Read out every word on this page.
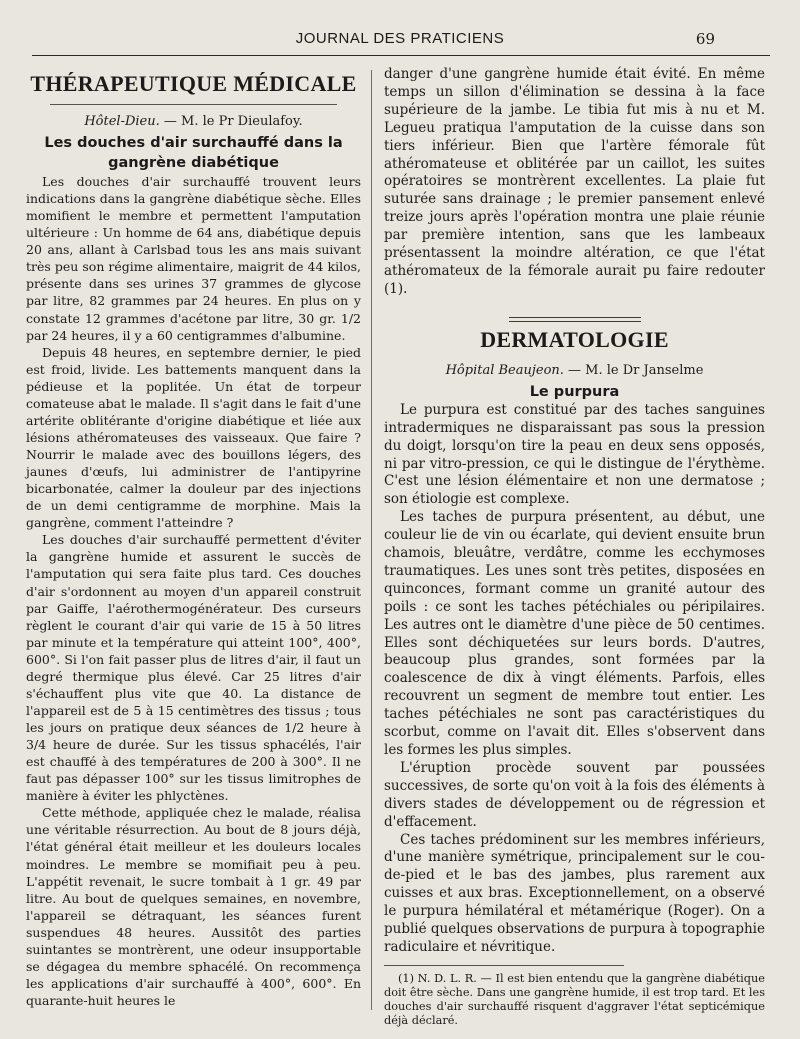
JOURNAL DES PRATICIENS	69
THÉRAPEUTIQUE MÉDICALE
Hôtel-Dieu. — M. le Pr Dieulafoy.
Les douches d'air surchauffé dans la gangrène diabétique

Les douches d'air surchauffé trouvent leurs indications dans la gangrène diabétique sèche. Elles momifient le membre et permettent l'amputation ultérieure : Un homme de 64 ans, diabétique depuis 20 ans, allant à Carlsbad tous les ans mais suivant très peu son régime alimentaire, maigrit de 44 kilos, présente dans ses urines 37 grammes de glycose par litre, 82 grammes par 24 heures. En plus on y constate 12 grammes d'acétone par litre, 30 gr. 1/2 par 24 heures, il y a 60 centigrammes d'albumine.

Depuis 48 heures, en septembre dernier, le pied est froid, livide. Les battements manquent dans la pédieuse et la poplitée. Un état de torpeur comateuse abat le malade. Il s'agit dans le fait d'une artérite oblitérante d'origine diabétique et liée aux lésions athéromateuses des vaisseaux. Que faire ? Nourrir le malade avec des bouillons légers, des jaunes d'œufs, lui administrer de l'antipyrine bicarbonatée, calmer la douleur par des injections de un demi centigramme de morphine. Mais la gangrène, comment l'atteindre ?

Les douches d'air surchauffé permettent d'éviter la gangrène humide et assurent le succès de l'amputation qui sera faite plus tard. Ces douches d'air s'ordonnent au moyen d'un appareil construit par Gaiffe, l'aérothermogénérateur. Des curseurs règlent le courant d'air qui varie de 15 à 50 litres par minute et la température qui atteint 100°, 400°, 600°. Si l'on fait passer plus de litres d'air, il faut un degré thermique plus élevé. Car 25 litres d'air s'échauffent plus vite que 40. La distance de l'appareil est de 5 à 15 centimètres des tissus ; tous les jours on pratique deux séances de 1/2 heure à 3/4 heure de durée. Sur les tissus sphacélés, l'air est chauffé à des températures de 200 à 300°. Il ne faut pas dépasser 100° sur les tissus limitrophes de manière à éviter les phlyctènes.

Cette méthode, appliquée chez le malade, réalisa une véritable résurrection. Au bout de 8 jours déjà, l'état général était meilleur et les douleurs locales moindres. Le membre se momifiait peu à peu. L'appétit revenait, le sucre tombait à 1 gr. 49 par litre. Au bout de quelques semaines, en novembre, l'appareil se détraquant, les séances furent suspendues 48 heures. Aussitôt des parties suintantes se montrèrent, une odeur insupportable se dégagea du membre sphacélé. On recommença les applications d'air surchauffé à 400°, 600°. En quarante-huit heures le

danger d'une gangrène humide était évité. En même temps un sillon d'élimination se dessina à la face supérieure de la jambe. Le tibia fut mis à nu et M. Legueu pratiqua l'amputation de la cuisse dans son tiers inférieur. Bien que l'artère fémorale fût athéromateuse et oblitérée par un caillot, les suites opératoires se montrèrent excellentes. La plaie fut suturée sans drainage ; le premier pansement enlevé treize jours après l'opération montra une plaie réunie par première intention, sans que les lambeaux présentassent la moindre altération, ce que l'état athéromateux de la fémorale aurait pu faire redouter (1).

DERMATOLOGIE
Hôpital Beaujeon. — M. le Dr Janselme
Le purpura

Le purpura est constitué par des taches sanguines intradermiques ne disparaissant pas sous la pression du doigt, lorsqu'on tire la peau en deux sens opposés, ni par vitro-pression, ce qui le distingue de l'érythème. C'est une lésion élémentaire et non une dermatose ; son étiologie est complexe.

Les taches de purpura présentent, au début, une couleur lie de vin ou écarlate, qui devient ensuite brun chamois, bleuâtre, verdâtre, comme les ecchymoses traumatiques. Les unes sont très petites, disposées en quinconces, formant comme un granité autour des poils : ce sont les taches pétéchiales ou péripilaires. Les autres ont le diamètre d'une pièce de 50 centimes. Elles sont déchiquetées sur leurs bords. D'autres, beaucoup plus grandes, sont formées par la coalescence de dix à vingt éléments. Parfois, elles recouvrent un segment de membre tout entier. Les taches pétéchiales ne sont pas caractéristiques du scorbut, comme on l'avait dit. Elles s'observent dans les formes les plus simples.

L'éruption procède souvent par poussées successives, de sorte qu'on voit à la fois des éléments à divers stades de développement ou de régression et d'effacement.

Ces taches prédominent sur les membres inférieurs, d'une manière symétrique, principalement sur le cou-de-pied et le bas des jambes, plus rarement aux cuisses et aux bras. Exceptionnellement, on a observé le purpura hémilatéral et métamérique (Roger). On a publié quelques observations de purpura à topographie radiculaire et névritique.

(1) N. D. L. R. — Il est bien entendu que la gangrène diabétique doit être sèche. Dans une gangrène humide, il est trop tard. Et les douches d'air surchauffé risquent d'aggraver l'état septicémique déjà déclaré.
